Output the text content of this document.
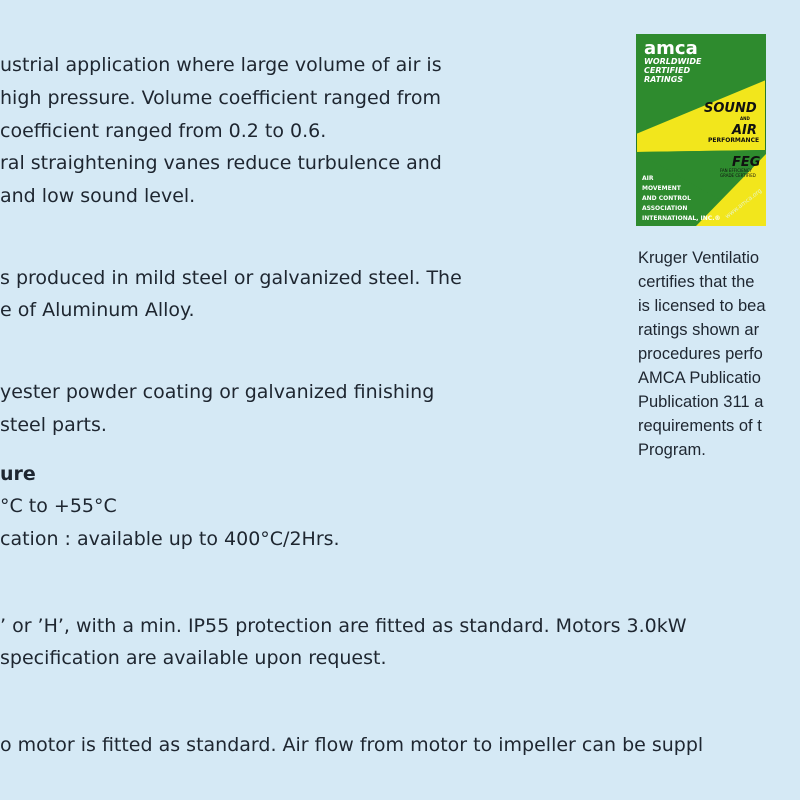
ustrial application where large volume of air is
high pressure. Volume coefficient ranged from
coefficient ranged from 0.2 to 0.6.
ral straightening vanes reduce turbulence and
and low sound level.
s produced in mild steel or galvanized steel. The
e of Aluminum Alloy.
yester powder coating or galvanized finishing
steel parts.
ure
°C to +55°C
cation : available up to 400°C/2Hrs.
’ or ’H’, with a min. IP55 protection are fitted as standard. Motors 3.0kW
specification are available upon request.
o motor is fitted as standard. Air flow from motor to impeller can be suppl
amca
WORLDWIDE
CERTIFIED
RATINGS
SOUND
AND
AIR
PERFORMANCE
FEG
FAN EFFICIENCY
GRADE CERTIFIED
AIR
MOVEMENT
AND CONTROL
ASSOCIATION
INTERNATIONAL, INC.® www.amca.org
Kruger Ventilatio
certifies that the
is licensed to bea
ratings shown ar
procedures perfo
AMCA Publicatio
Publication 311 a
requirements of t
Program.
